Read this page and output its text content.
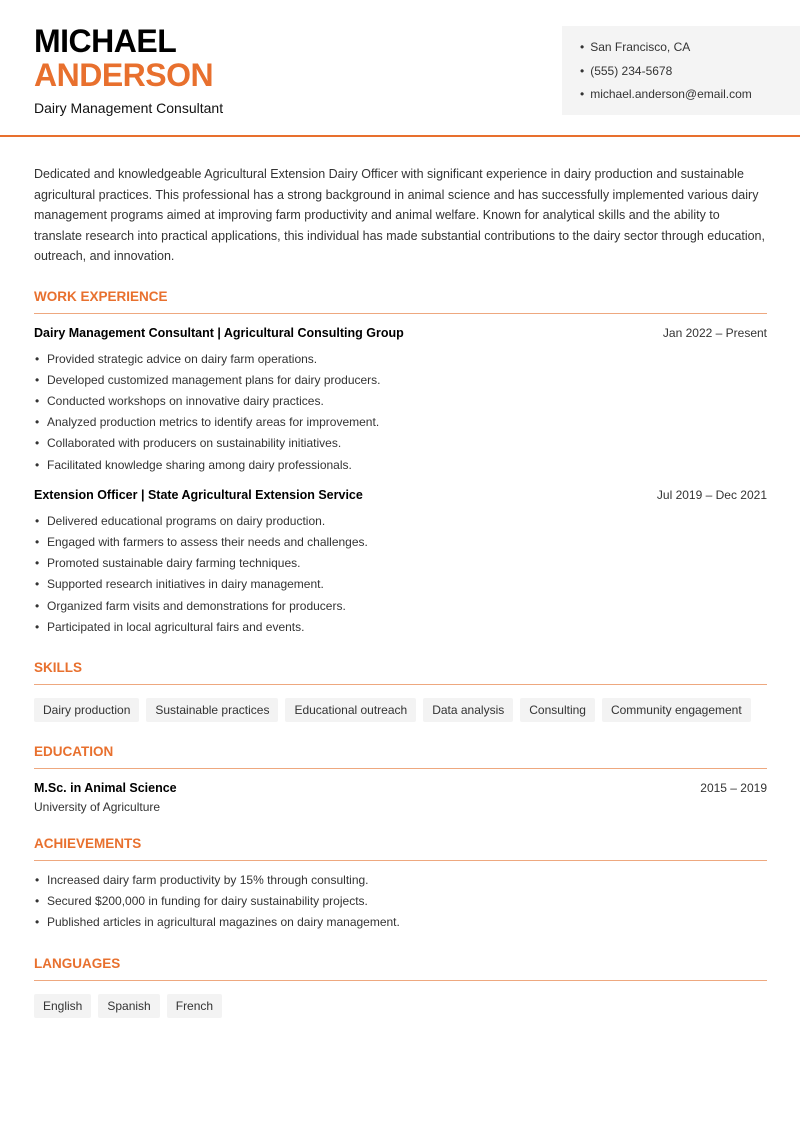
MICHAEL
ANDERSON
Dairy Management Consultant
• San Francisco, CA
• (555) 234-5678
• michael.anderson@email.com

Dedicated and knowledgeable Agricultural Extension Dairy Officer with significant experience in dairy production and sustainable agricultural practices. This professional has a strong background in animal science and has successfully implemented various dairy management programs aimed at improving farm productivity and animal welfare. Known for analytical skills and the ability to translate research into practical applications, this individual has made substantial contributions to the dairy sector through education, outreach, and innovation.

WORK EXPERIENCE
Dairy Management Consultant | Agricultural Consulting Group	Jan 2022 – Present
• Provided strategic advice on dairy farm operations.
• Developed customized management plans for dairy producers.
• Conducted workshops on innovative dairy practices.
• Analyzed production metrics to identify areas for improvement.
• Collaborated with producers on sustainability initiatives.
• Facilitated knowledge sharing among dairy professionals.
Extension Officer | State Agricultural Extension Service	Jul 2019 – Dec 2021
• Delivered educational programs on dairy production.
• Engaged with farmers to assess their needs and challenges.
• Promoted sustainable dairy farming techniques.
• Supported research initiatives in dairy management.
• Organized farm visits and demonstrations for producers.
• Participated in local agricultural fairs and events.
SKILLS
Dairy production	Sustainable practices	Educational outreach	Data analysis	Consulting	Community engagement
EDUCATION
M.Sc. in Animal Science	2015 – 2019
University of Agriculture
ACHIEVEMENTS
• Increased dairy farm productivity by 15% through consulting.
• Secured $200,000 in funding for dairy sustainability projects.
• Published articles in agricultural magazines on dairy management.
LANGUAGES
English	Spanish	French
